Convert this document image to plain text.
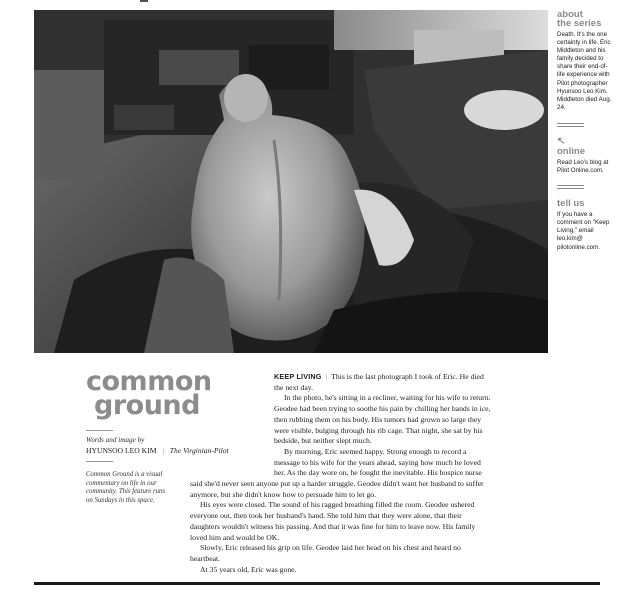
about
the series
Death. It's the one certainty in life. Eric Middleton and his family decided to share their end-of-life experience with Pilot photographer Hyunsoo Leo Kim. Middleton died Aug. 24.
↖
online
Read Leo's blog at Pilot Online.com.
tell us
If you have a comment on "Keep Living," email leo.kim@ pilotonline.com.
common
ground
Words and image by
HYUNSOO LEO KIM | The Virginian-Pilot
Common Ground is a visual commentary on life in our community. This feature runs on Sundays in this space.

KEEP LIVING | This is the last photograph I took of Eric. He died the next day.

In the photo, he's sitting in a recliner, waiting for his wife to return. Geodee had been trying to soothe his pain by chilling her hands in ice, then rubbing them on his body. His tumors had grown so large they were visible, bulging through his rib cage. That night, she sat by his bedside, but neither slept much.

By morning, Eric seemed happy. Strong enough to record a message to his wife for the years ahead, saying how much he loved her. As the day wore on, he fought the inevitable. His hospice nurse

said she'd never seen anyone put up a harder struggle. Geodee didn't want her husband to suffer anymore, but she didn't know how to persuade him to let go.

His eyes were closed. The sound of his ragged breathing filled the room. Geodee ushered everyone out, then took her husband's hand. She told him that they were alone, that their daughters wouldn't witness his passing. And that it was fine for him to leave now. His family loved him and would be OK.

Slowly, Eric released his grip on life. Geodee laid her head on his chest and heard no heartbeat.

At 35 years old, Eric was gone.
